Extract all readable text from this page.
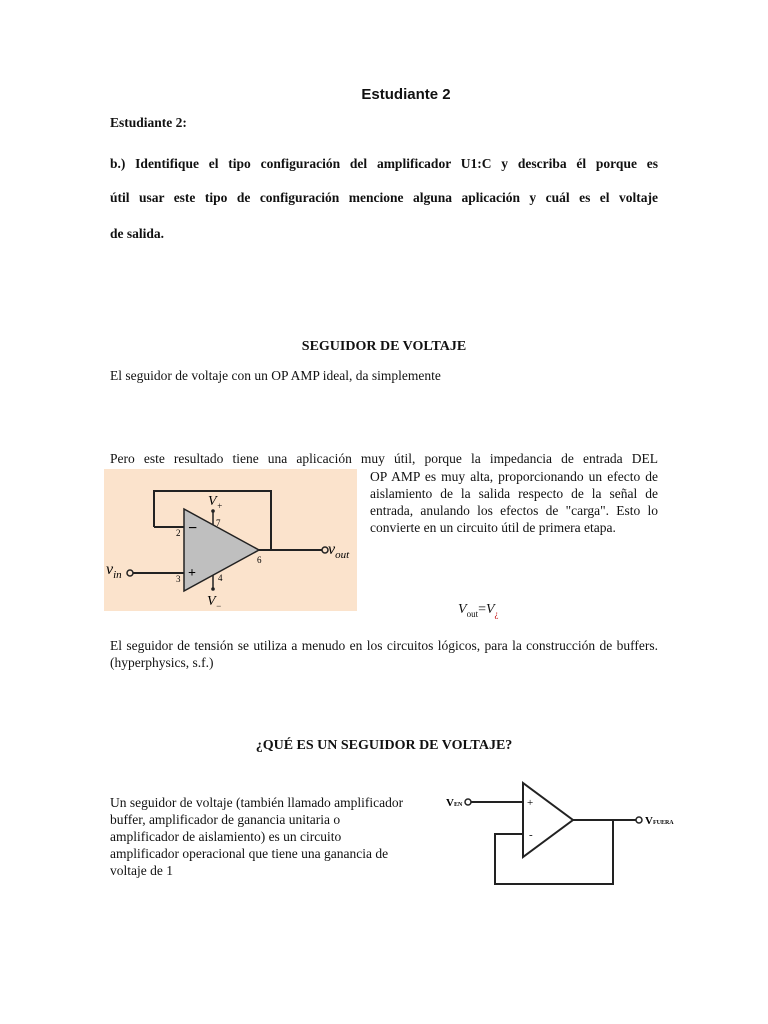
Estudiante 2
Estudiante 2:
b.) Identifique el tipo configuración del amplificador U1:C y describa él porque es
útil usar este tipo de configuración mencione alguna aplicación y cuál es el voltaje
de salida.
SEGUIDOR DE VOLTAJE
El seguidor de voltaje con un OP AMP ideal, da simplemente
Pero este resultado tiene una aplicación muy útil, porque la impedancia de entrada DEL
OP AMP es muy alta, proporcionando un efecto de aislamiento de la salida respecto de la señal de entrada, anulando los efectos de "carga". Esto lo convierte en un circuito útil de primera etapa.
$V_+$
$V_-$
$v_{in}$
$v_{out}$
2
3
7
4
6
−
+
$V_{out}=V_¿$
El seguidor de tensión se utiliza a menudo en los circuitos lógicos, para la construcción de buffers. (hyperphysics, s.f.)
¿QUÉ ES UN SEGUIDOR DE VOLTAJE?
Un seguidor de voltaje (también llamado amplificador buffer, amplificador de ganancia unitaria o amplificador de aislamiento) es un circuito amplificador operacional que tiene una ganancia de voltaje de 1
+
-
VEN
VFUERA
